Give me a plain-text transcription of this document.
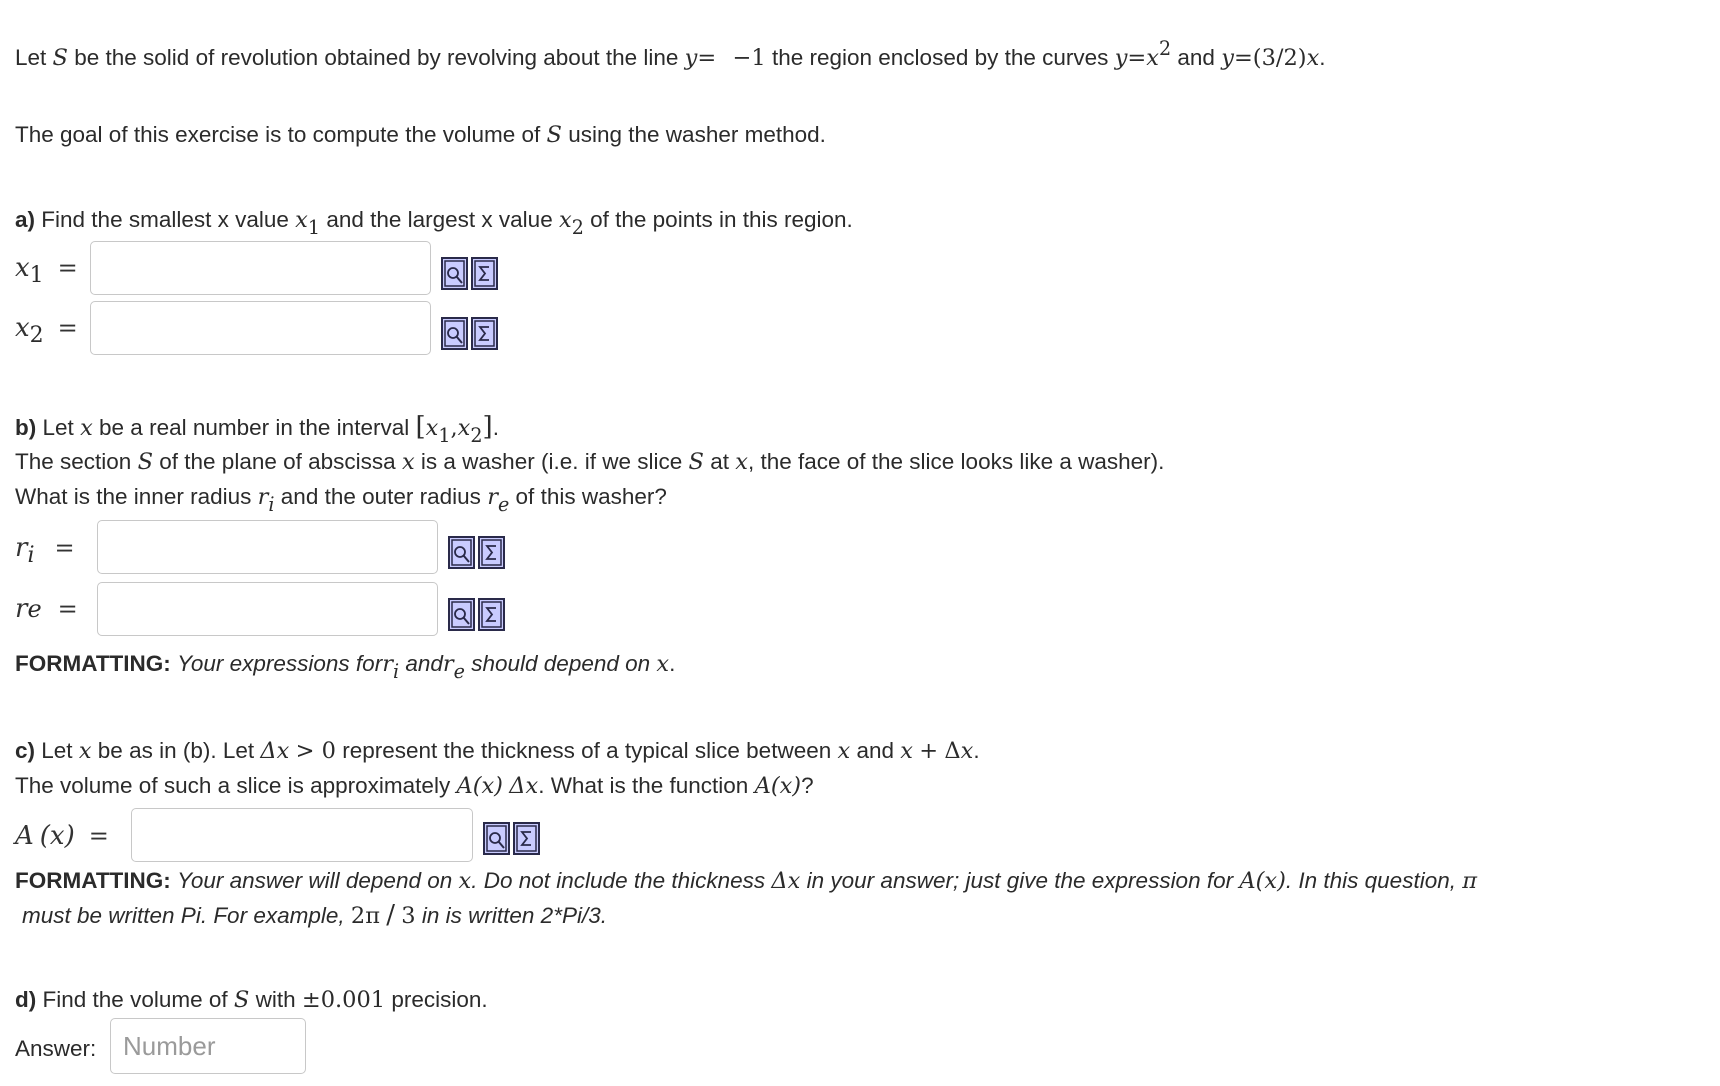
Let S be the solid of revolution obtained by revolving about the line y= −1 the region enclosed by the curves $y=x^2$ and y=(3/2)x.
The goal of this exercise is to compute the volume of S using the washer method.
a) Find the smallest x value $x_1$ and the largest x value $x_2$ of the points in this region.
x 1 =
x 2 =
b) Let x be a real number in the interval $[x_1,x_2]$.
The section S of the plane of abscissa x is a washer (i.e. if we slice S at x, the face of the slice looks like a washer).
What is the inner radius $r_i$ and the outer radius $r_e$ of this washer?
r i =
r e =
FORMATTING: Your expressions forr$_i$ andr$_e$ should depend on x.
c) Let x be as in (b). Let Δx > 0 represent the thickness of a typical slice between x and x + Δx.
The volume of such a slice is approximately A(x) Δx. What is the function A(x)?
A (x) =
FORMATTING: Your answer will depend on x. Do not include the thickness Δx in your answer; just give the expression for A(x). In this question, π
must be written Pi. For example, 2π / 3 in is written 2*Pi/3.
d) Find the volume of S with ±0.001 precision.
Answer:
Number
